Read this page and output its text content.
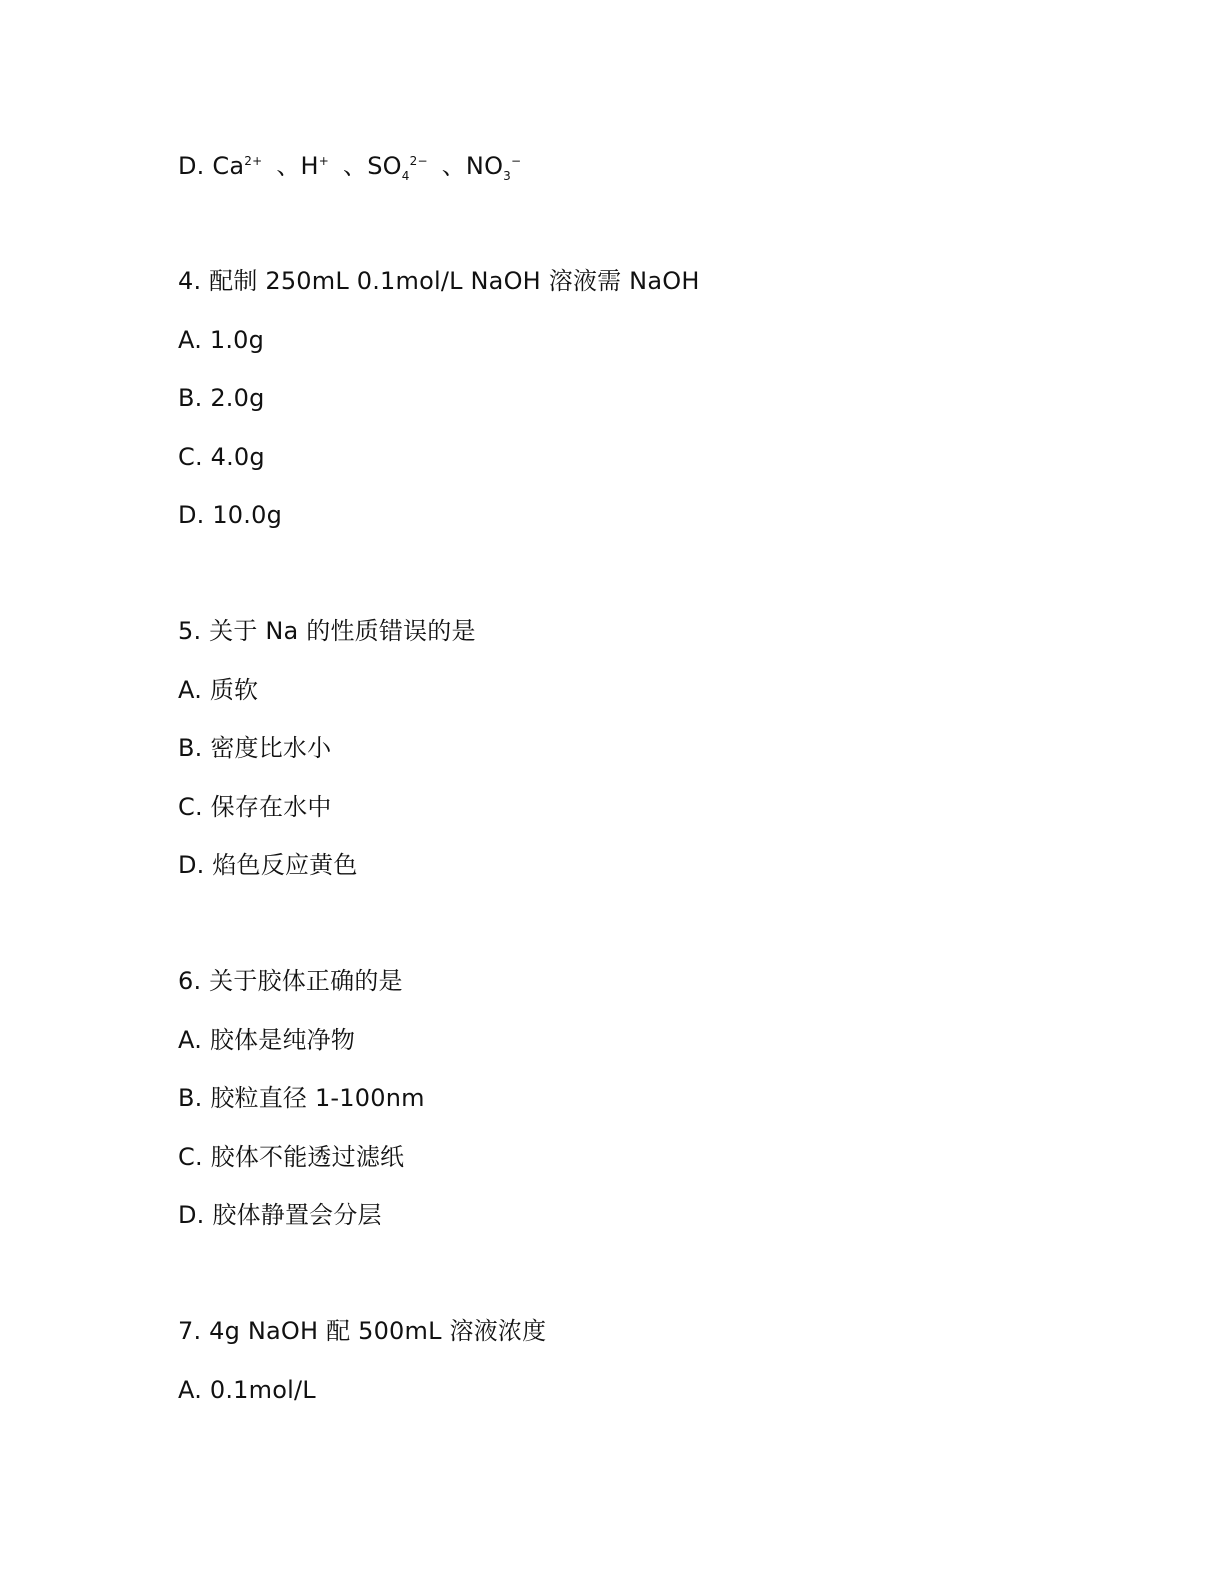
D. $Ca^{2+}$ 、H+ 、$SO_4^{2-}$ 、$NO_3^-$
4. 配制 250mL 0.1mol/L NaOH 溶液需 NaOH
A. 1.0g
B. 2.0g
C. 4.0g
D. 10.0g
5. 关于 Na 的性质错误的是
A. 质软
B. 密度比水小
C. 保存在水中
D. 焰色反应黄色
6. 关于胶体正确的是
A. 胶体是纯净物
B. 胶粒直径 1-100nm
C. 胶体不能透过滤纸
D. 胶体静置会分层
7. 4g NaOH 配 500mL 溶液浓度
A. 0.1mol/L
